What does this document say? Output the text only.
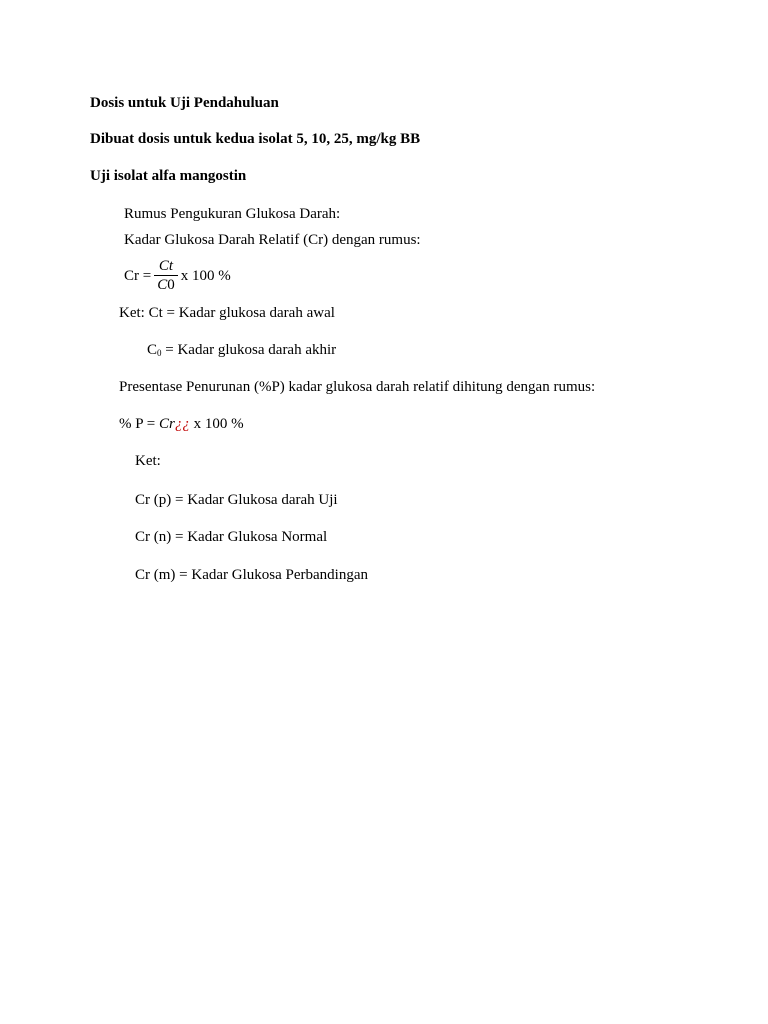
Dosis untuk Uji Pendahuluan
Dibuat dosis untuk kedua isolat 5, 10, 25, mg/kg BB
Uji isolat alfa mangostin
Rumus Pengukuran Glukosa Darah:
Kadar Glukosa Darah Relatif (Cr) dengan rumus:
$Cr = \frac{Ct}{C0}$ x 100 %
Ket: Ct = Kadar glukosa darah awal
$C_0$ = Kadar glukosa darah akhir
Presentase Penurunan (%P) kadar glukosa darah relatif dihitung dengan rumus:
% P = Cr¿¿ x 100 %
Ket:
Cr (p) = Kadar Glukosa darah Uji
Cr (n) = Kadar Glukosa Normal
Cr (m) = Kadar Glukosa Perbandingan
